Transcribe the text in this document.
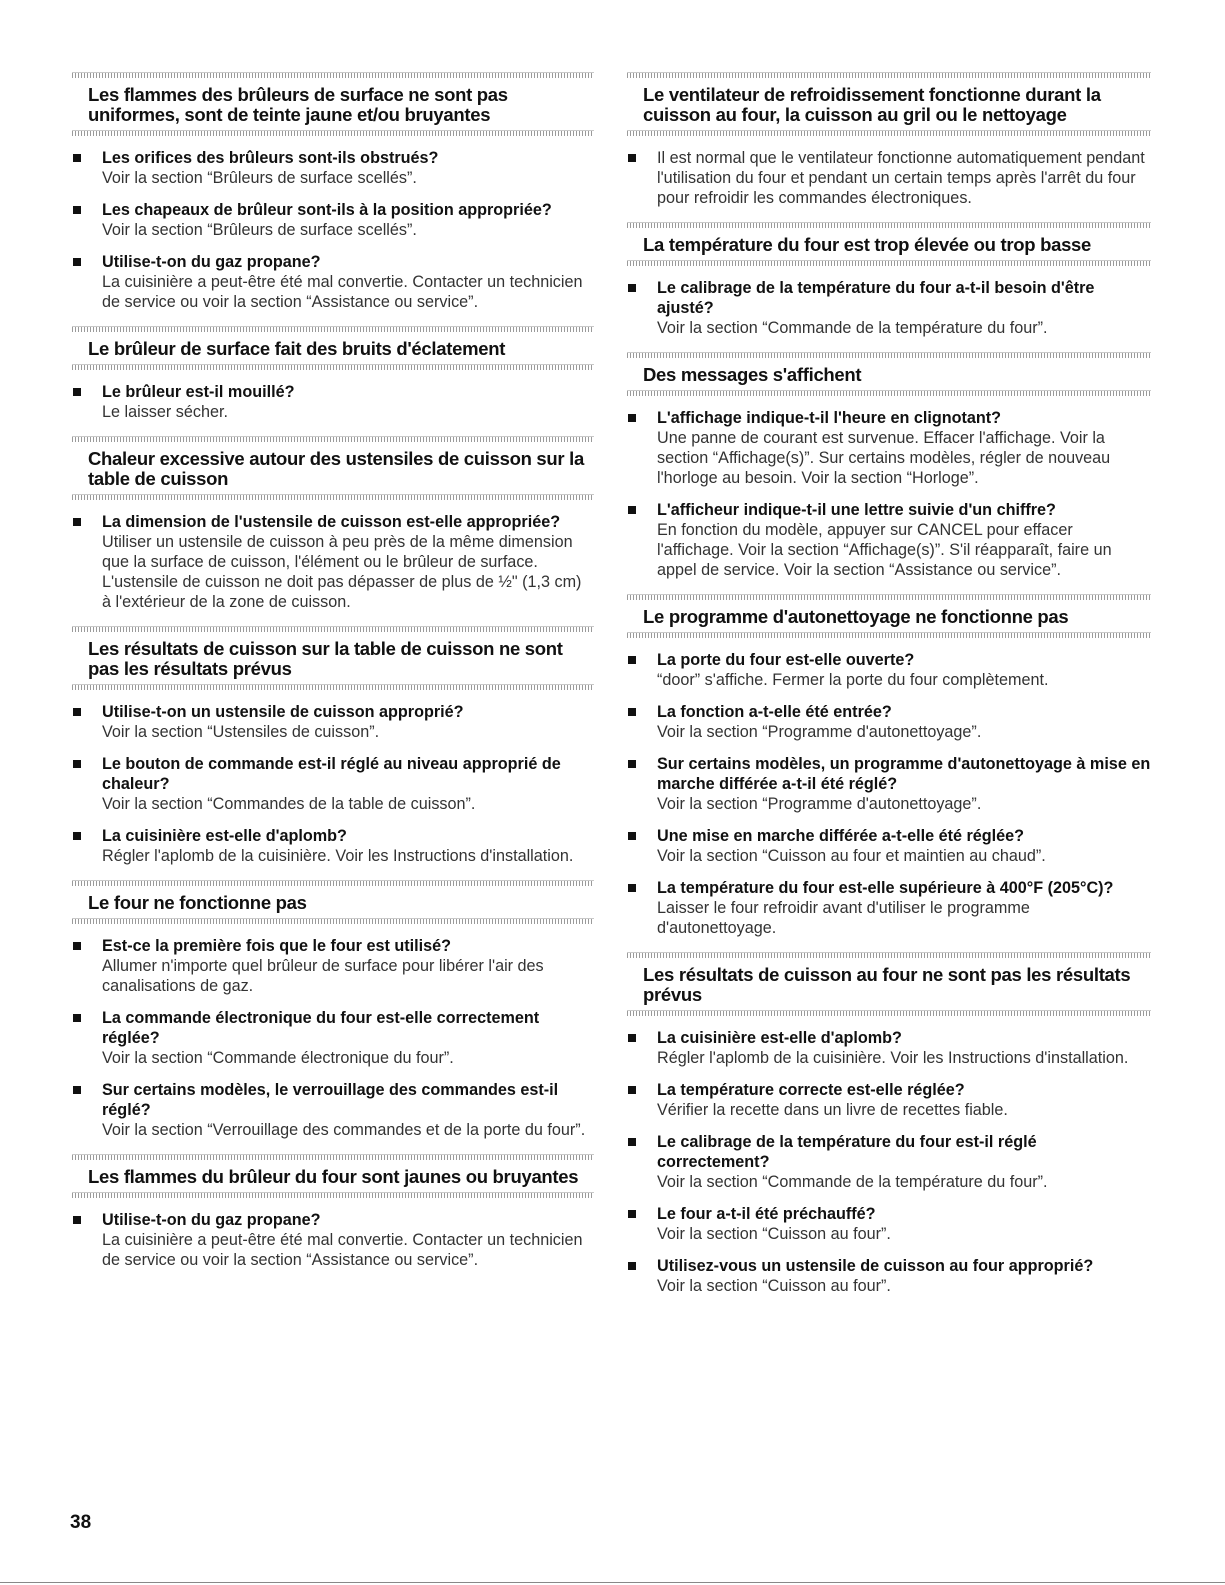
Les flammes des brûleurs de surface ne sont pas uniformes, sont de teinte jaune et/ou bruyantes
Les orifices des brûleurs sont-ils obstrués?
Voir la section “Brûleurs de surface scellés”.
Les chapeaux de brûleur sont-ils à la position appropriée?
Voir la section “Brûleurs de surface scellés”.
Utilise-t-on du gaz propane?
La cuisinière a peut-être été mal convertie. Contacter un technicien de service ou voir la section “Assistance ou service”.
Le brûleur de surface fait des bruits d'éclatement
Le brûleur est-il mouillé?
Le laisser sécher.
Chaleur excessive autour des ustensiles de cuisson sur la table de cuisson
La dimension de l'ustensile de cuisson est-elle appropriée?
Utiliser un ustensile de cuisson à peu près de la même dimension que la surface de cuisson, l'élément ou le brûleur de surface. L'ustensile de cuisson ne doit pas dépasser de plus de ½" (1,3 cm) à l'extérieur de la zone de cuisson.
Les résultats de cuisson sur la table de cuisson ne sont pas les résultats prévus
Utilise-t-on un ustensile de cuisson approprié?
Voir la section “Ustensiles de cuisson”.
Le bouton de commande est-il réglé au niveau approprié de chaleur?
Voir la section “Commandes de la table de cuisson”.
La cuisinière est-elle d'aplomb?
Régler l'aplomb de la cuisinière. Voir les Instructions d'installation.
Le four ne fonctionne pas
Est-ce la première fois que le four est utilisé?
Allumer n'importe quel brûleur de surface pour libérer l'air des canalisations de gaz.
La commande électronique du four est-elle correctement réglée?
Voir la section “Commande électronique du four”.
Sur certains modèles, le verrouillage des commandes est-il réglé?
Voir la section “Verrouillage des commandes et de la porte du four”.
Les flammes du brûleur du four sont jaunes ou bruyantes
Utilise-t-on du gaz propane?
La cuisinière a peut-être été mal convertie. Contacter un technicien de service ou voir la section “Assistance ou service”.
Le ventilateur de refroidissement fonctionne durant la cuisson au four, la cuisson au gril ou le nettoyage
Il est normal que le ventilateur fonctionne automatiquement pendant l'utilisation du four et pendant un certain temps après l'arrêt du four pour refroidir les commandes électroniques.
La température du four est trop élevée ou trop basse
Le calibrage de la température du four a-t-il besoin d'être ajusté?
Voir la section “Commande de la température du four”.
Des messages s'affichent
L'affichage indique-t-il l'heure en clignotant?
Une panne de courant est survenue. Effacer l'affichage. Voir la section “Affichage(s)”. Sur certains modèles, régler de nouveau l'horloge au besoin. Voir la section “Horloge”.
L'afficheur indique-t-il une lettre suivie d'un chiffre?
En fonction du modèle, appuyer sur CANCEL pour effacer l'affichage. Voir la section “Affichage(s)”. S'il réapparaît, faire un appel de service. Voir la section “Assistance ou service”.
Le programme d'autonettoyage ne fonctionne pas
La porte du four est-elle ouverte?
“door” s'affiche. Fermer la porte du four complètement.
La fonction a-t-elle été entrée?
Voir la section “Programme d'autonettoyage”.
Sur certains modèles, un programme d'autonettoyage à mise en marche différée a-t-il été réglé?
Voir la section “Programme d'autonettoyage”.
Une mise en marche différée a-t-elle été réglée?
Voir la section “Cuisson au four et maintien au chaud”.
La température du four est-elle supérieure à 400°F (205°C)?
Laisser le four refroidir avant d'utiliser le programme d'autonettoyage.
Les résultats de cuisson au four ne sont pas les résultats prévus
La cuisinière est-elle d'aplomb?
Régler l'aplomb de la cuisinière. Voir les Instructions d'installation.
La température correcte est-elle réglée?
Vérifier la recette dans un livre de recettes fiable.
Le calibrage de la température du four est-il réglé correctement?
Voir la section “Commande de la température du four”.
Le four a-t-il été préchauffé?
Voir la section “Cuisson au four”.
Utilisez-vous un ustensile de cuisson au four approprié?
Voir la section “Cuisson au four”.
38
